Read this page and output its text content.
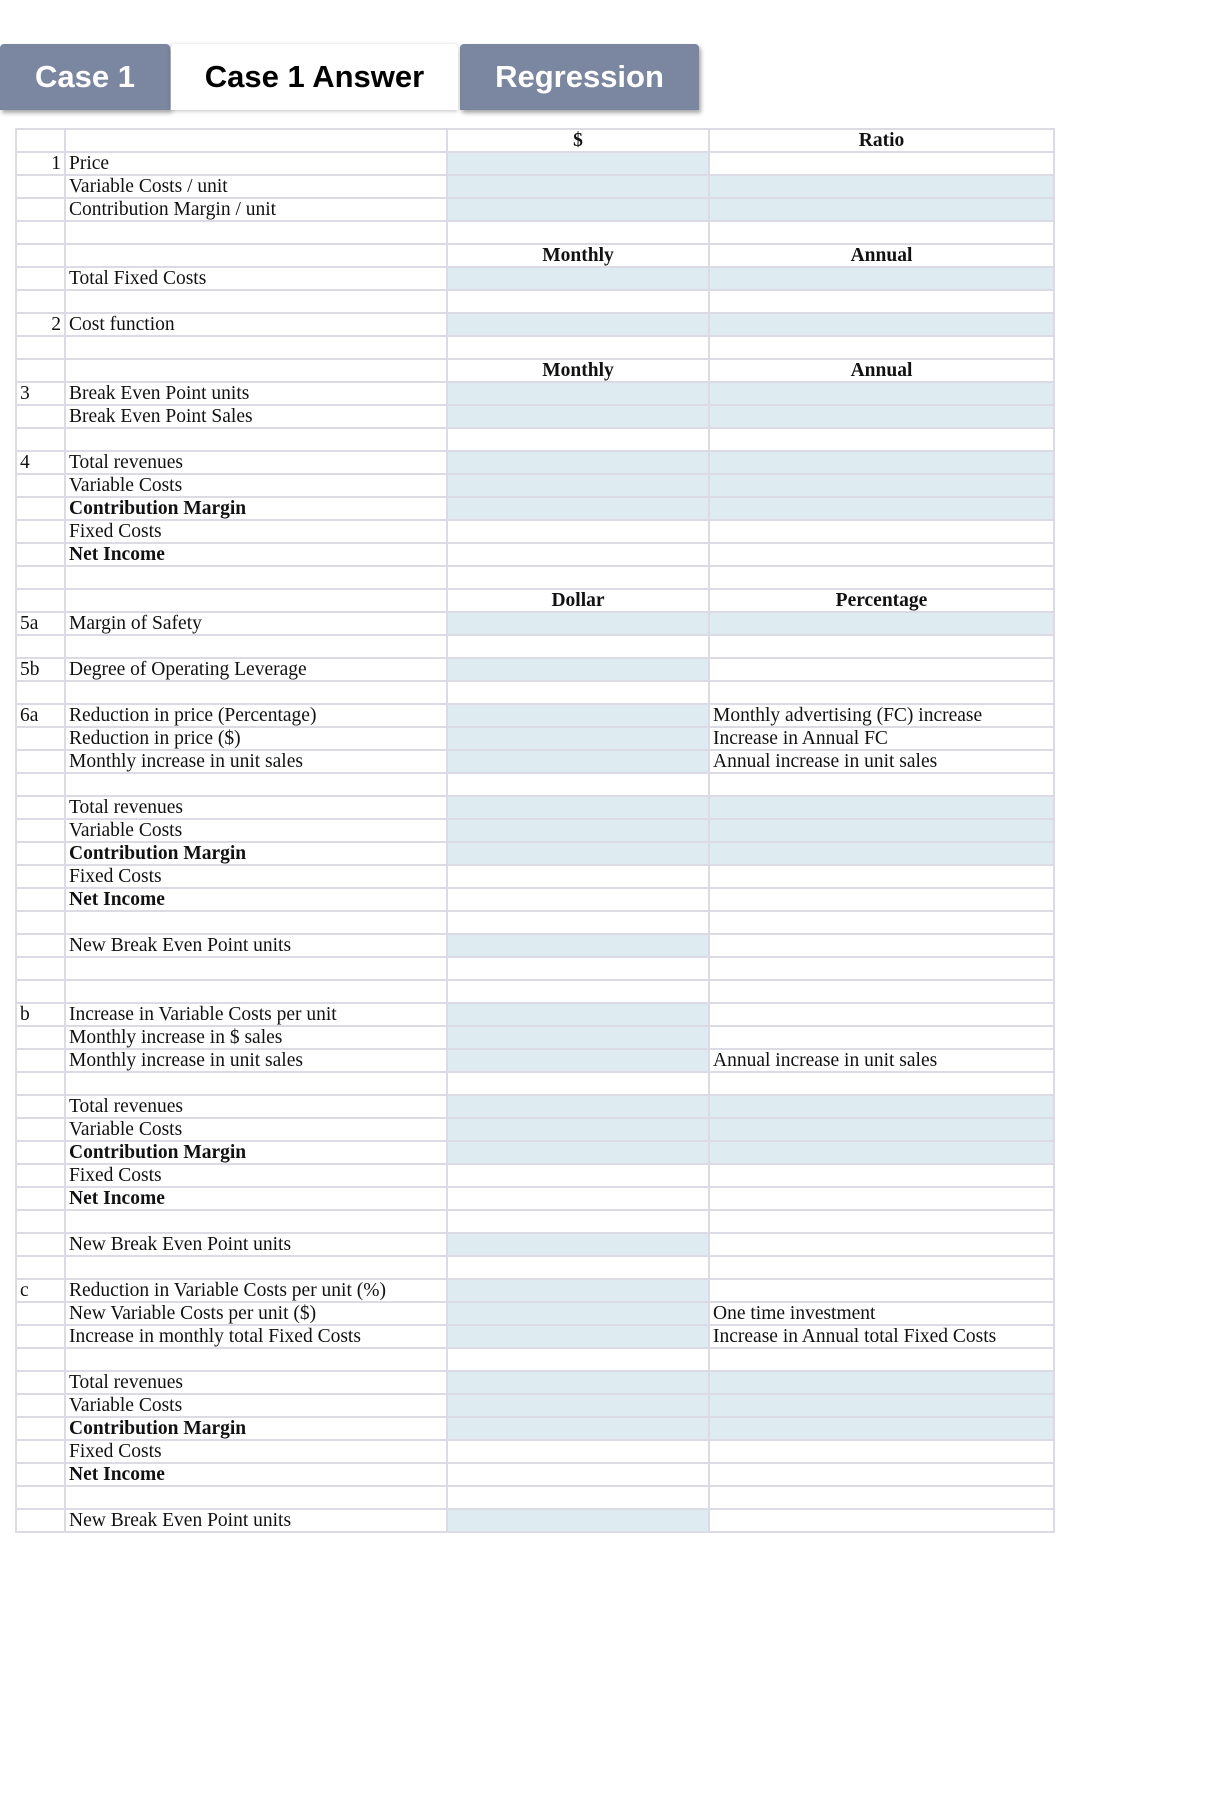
Case 1	Case 1 Answer	Regression
		$	Ratio
1	Price		
	Variable Costs / unit		
	Contribution Margin / unit		

		Monthly	Annual
	Total Fixed Costs		

2	Cost function		

		Monthly	Annual
3	Break Even Point units		
	Break Even Point Sales		

4	Total revenues		
	Variable Costs		
	Contribution Margin		
	Fixed Costs		
	Net Income		

		Dollar	Percentage
5a	Margin of Safety		

5b	Degree of Operating Leverage		

6a	Reduction in price (Percentage)		Monthly advertising (FC) increase
	Reduction in price ($)		Increase in Annual FC
	Monthly increase in unit sales		Annual increase in unit sales

	Total revenues		
	Variable Costs		
	Contribution Margin		
	Fixed Costs		
	Net Income		

	New Break Even Point units		

b	Increase in Variable Costs per unit		
	Monthly increase in $ sales		
	Monthly increase in unit sales		Annual increase in unit sales

	Total revenues		
	Variable Costs		
	Contribution Margin		
	Fixed Costs		
	Net Income		

	New Break Even Point units		

c	Reduction in Variable Costs per unit (%)		
	New Variable Costs per unit ($)		One time investment
	Increase in monthly total Fixed Costs		Increase in Annual total Fixed Costs

	Total revenues		
	Variable Costs		
	Contribution Margin		
	Fixed Costs		
	Net Income		

	New Break Even Point units		
